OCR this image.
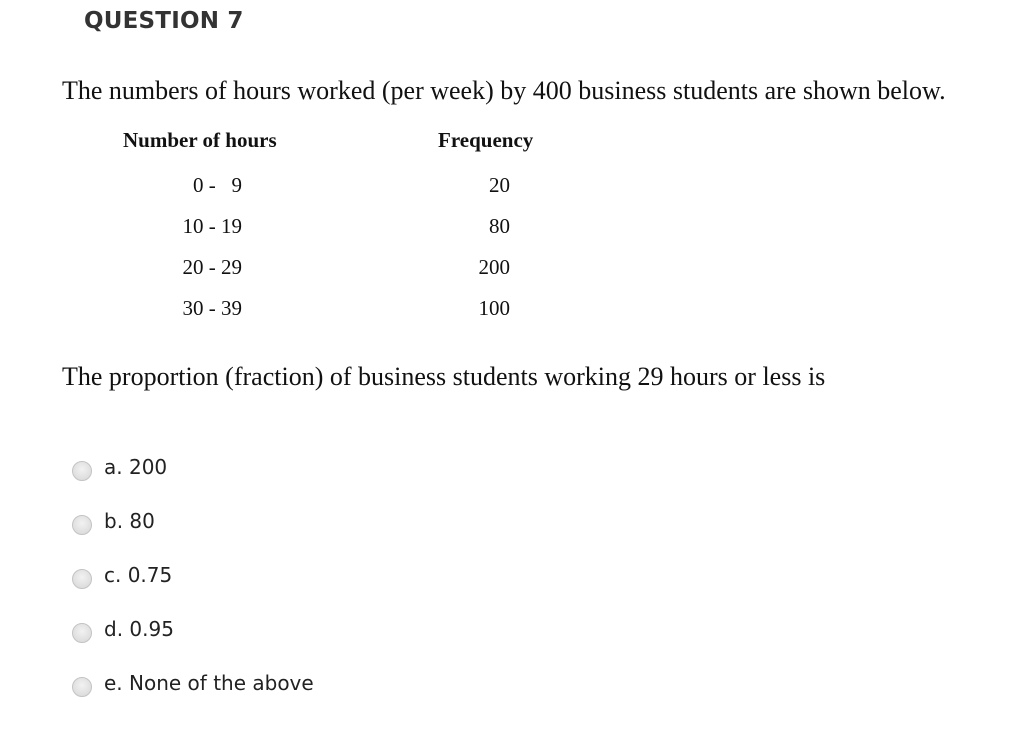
QUESTION 7
The numbers of hours worked (per week) by 400 business students are shown below.
Number of hours	Frequency
0 -   9	20
10 - 19	80
20 - 29	200
30 - 39	100
The proportion (fraction) of business students working 29 hours or less is
a. 200
b. 80
c. 0.75
d. 0.95
e. None of the above
